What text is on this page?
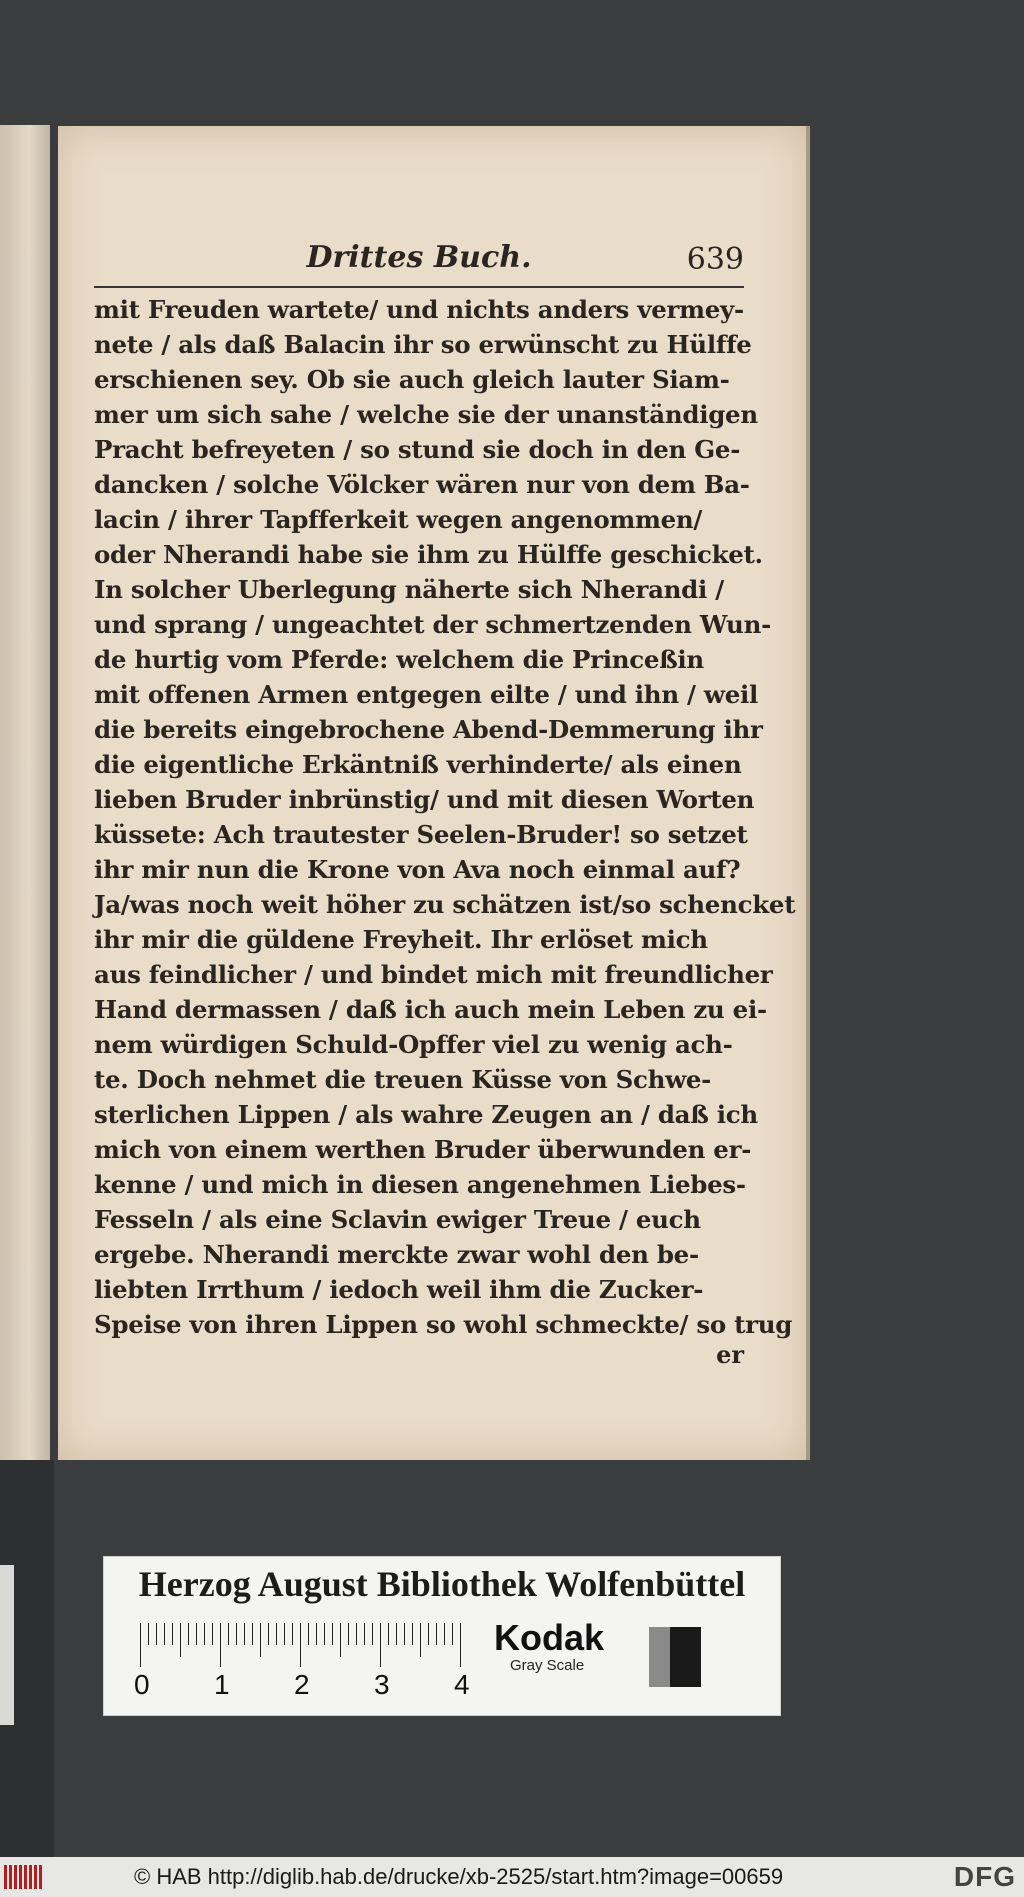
Drittes Buch.	639
mit Freuden wartete/ und nichts anders vermey-
nete / als daß Balacin ihr so erwünscht zu Hülffe
erschienen sey. Ob sie auch gleich lauter Siam-
mer um sich sahe / welche sie der unanständigen
Pracht befreyeten / so stund sie doch in den Ge-
dancken / solche Völcker wären nur von dem Ba-
lacin / ihrer Tapfferkeit wegen angenommen/
oder Nherandi habe sie ihm zu Hülffe geschicket.
In solcher Uberlegung näherte sich Nherandi /
und sprang / ungeachtet der schmertzenden Wun-
de hurtig vom Pferde: welchem die Princeßin
mit offenen Armen entgegen eilte / und ihn / weil
die bereits eingebrochene Abend-Demmerung ihr
die eigentliche Erkäntniß verhinderte/ als einen
lieben Bruder inbrünstig/ und mit diesen Worten
küssete: Ach trautester Seelen-Bruder! so setzet
ihr mir nun die Krone von Ava noch einmal auf?
Ja/was noch weit höher zu schätzen ist/so schencket
ihr mir die güldene Freyheit. Ihr erlöset mich
aus feindlicher / und bindet mich mit freundlicher
Hand dermassen / daß ich auch mein Leben zu ei-
nem würdigen Schuld-Opffer viel zu wenig ach-
te. Doch nehmet die treuen Küsse von Schwe-
sterlichen Lippen / als wahre Zeugen an / daß ich
mich von einem werthen Bruder überwunden er-
kenne / und mich in diesen angenehmen Liebes-
Fesseln / als eine Sclavin ewiger Treue / euch
ergebe. Nherandi merckte zwar wohl den be-
liebten Irrthum / iedoch weil ihm die Zucker-
Speise von ihren Lippen so wohl schmeckte/ so trug
er
Herzog August Bibliothek Wolfenbüttel
0 1 2 3 4
Kodak
Gray Scale
© HAB http://diglib.hab.de/drucke/xb-2525/start.htm?image=00659	DFG
